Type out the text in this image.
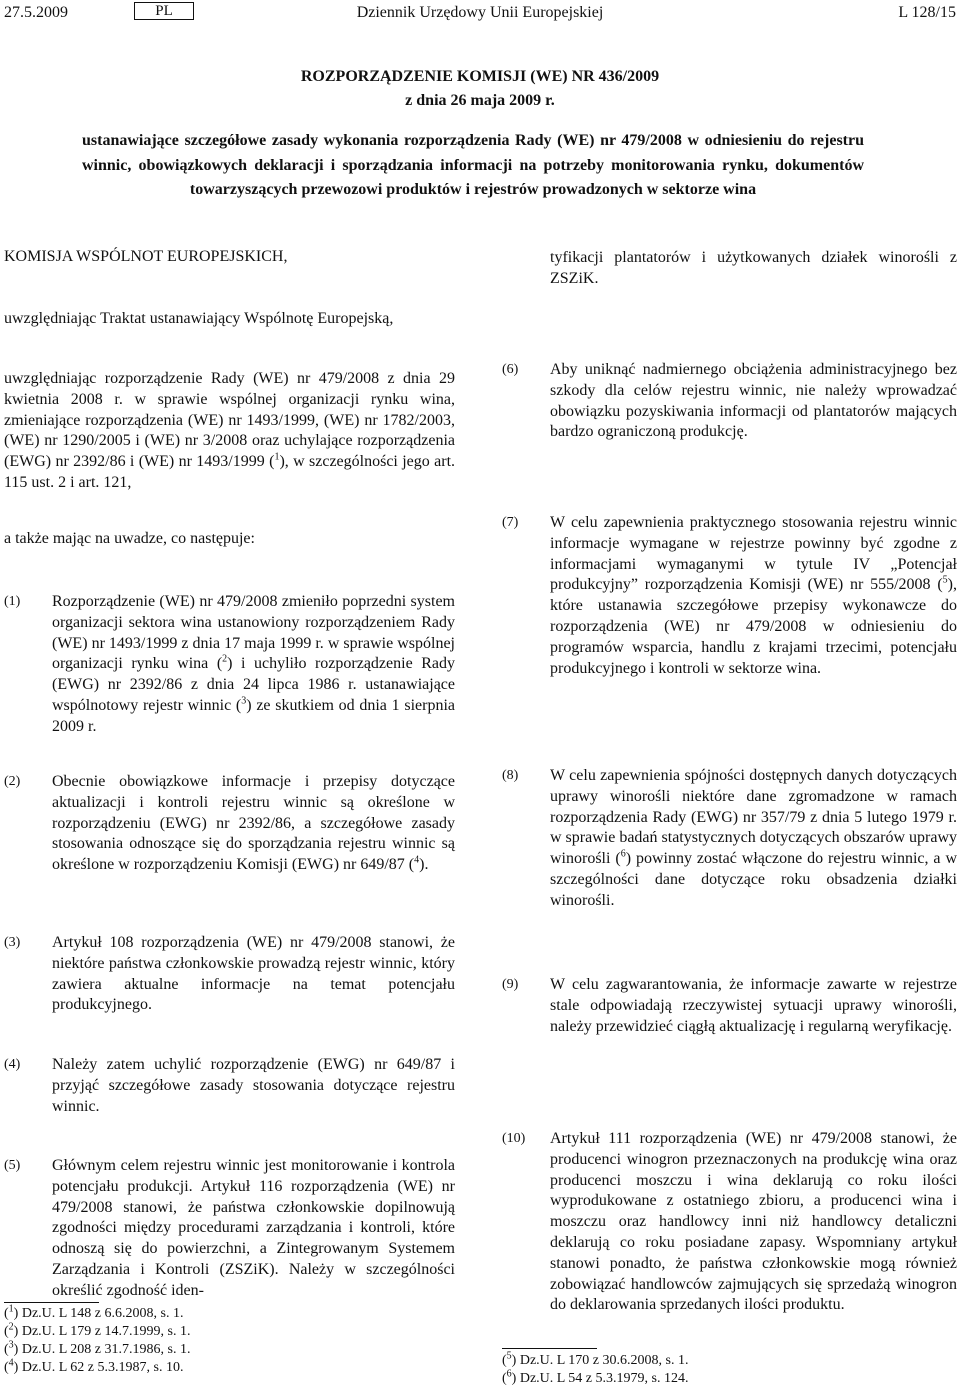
Dziennik Urzędowy Unii Europejskiej
27.5.2009	PL	L 128/15
ROZPORZĄDZENIE KOMISJI (WE) NR 436/2009
z dnia 26 maja 2009 r.
ustanawiające szczegółowe zasady wykonania rozporządzenia Rady (WE) nr 479/2008 w odniesieniu do rejestru winnic, obowiązkowych deklaracji i sporządzania informacji na potrzeby monitorowania rynku, dokumentów towarzyszących przewozowi produktów i rejestrów prowadzonych w sektorze wina

KOMISJA WSPÓLNOT EUROPEJSKICH,

uwzględniając Traktat ustanawiający Wspólnotę Europejską,

uwzględniając rozporządzenie Rady (WE) nr 479/2008 z dnia 29 kwietnia 2008 r. w sprawie wspólnej organizacji rynku wina, zmieniające rozporządzenia (WE) nr 1493/1999, (WE) nr 1782/2003, (WE) nr 1290/2005 i (WE) nr 3/2008 oraz uchylające rozporządzenia (EWG) nr 2392/86 i (WE) nr 1493/1999 ($^1$), w szczególności jego art. 115 ust. 2 i art. 121,

a także mając na uwadze, co następuje:

(1) Rozporządzenie (WE) nr 479/2008 zmieniło poprzedni system organizacji sektora wina ustanowiony rozporządzeniem Rady (WE) nr 1493/1999 z dnia 17 maja 1999 r. w sprawie wspólnej organizacji rynku wina ($^2$) i uchyliło rozporządzenie Rady (EWG) nr 2392/86 z dnia 24 lipca 1986 r. ustanawiające wspólnotowy rejestr winnic ($^3$) ze skutkiem od dnia 1 sierpnia 2009 r.
(2) Obecnie obowiązkowe informacje i przepisy dotyczące aktualizacji i kontroli rejestru winnic są określone w rozporządzeniu (EWG) nr 2392/86, a szczegółowe zasady stosowania odnoszące się do sporządzania rejestru winnic są określone w rozporządzeniu Komisji (EWG) nr 649/87 ($^4$).
(3) Artykuł 108 rozporządzenia (WE) nr 479/2008 stanowi, że niektóre państwa członkowskie prowadzą rejestr winnic, który zawiera aktualne informacje na temat potencjału produkcyjnego.
(4) Należy zatem uchylić rozporządzenie (EWG) nr 649/87 i przyjąć szczegółowe zasady stosowania dotyczące rejestru winnic.
(5) Głównym celem rejestru winnic jest monitorowanie i kontrola potencjału produkcji. Artykuł 116 rozporządzenia (WE) nr 479/2008 stanowi, że państwa członkowskie dopilnowują zgodności między procedurami zarządzania i kontroli, które odnoszą się do powierzchni, a Zintegrowanym Systemem Zarządzania i Kontroli (ZSZiK). Należy w szczególności określić zgodność iden-
($^1$) Dz.U. L 148 z 6.6.2008, s. 1.
($^2$) Dz.U. L 179 z 14.7.1999, s. 1.
($^3$) Dz.U. L 208 z 31.7.1986, s. 1.
($^4$) Dz.U. L 62 z 5.3.1987, s. 10.
tyfikacji plantatorów i użytkowanych działek winorośli z ZSZiK.
(6) Aby uniknąć nadmiernego obciążenia administracyjnego bez szkody dla celów rejestru winnic, nie należy wprowadzać obowiązku pozyskiwania informacji od plantatorów mających bardzo ograniczoną produkcję.
(7) W celu zapewnienia praktycznego stosowania rejestru winnic informacje wymagane w rejestrze powinny być zgodne z informacjami wymaganymi w tytule IV „Potencjał produkcyjny” rozporządzenia Komisji (WE) nr 555/2008 ($^5$), które ustanawia szczegółowe przepisy wykonawcze do rozporządzenia (WE) nr 479/2008 w odniesieniu do programów wsparcia, handlu z krajami trzecimi, potencjału produkcyjnego i kontroli w sektorze wina.
(8) W celu zapewnienia spójności dostępnych danych dotyczących uprawy winorośli niektóre dane zgromadzone w ramach rozporządzenia Rady (EWG) nr 357/79 z dnia 5 lutego 1979 r. w sprawie badań statystycznych dotyczących obszarów uprawy winorośli ($^6$) powinny zostać włączone do rejestru winnic, a w szczególności dane dotyczące roku obsadzenia działki winorośli.
(9) W celu zagwarantowania, że informacje zawarte w rejestrze stale odpowiadają rzeczywistej sytuacji uprawy winorośli, należy przewidzieć ciągłą aktualizację i regularną weryfikację.
(10) Artykuł 111 rozporządzenia (WE) nr 479/2008 stanowi, że producenci winogron przeznaczonych na produkcję wina oraz producenci moszczu i wina deklarują co roku ilości wyprodukowane z ostatniego zbioru, a producenci wina i moszczu oraz handlowcy inni niż handlowcy detaliczni deklarują co roku posiadane zapasy. Wspomniany artykuł stanowi ponadto, że państwa członkowskie mogą również zobowiązać handlowców zajmujących się sprzedażą winogron do deklarowania sprzedanych ilości produktu.
($^5$) Dz.U. L 170 z 30.6.2008, s. 1.
($^6$) Dz.U. L 54 z 5.3.1979, s. 124.
